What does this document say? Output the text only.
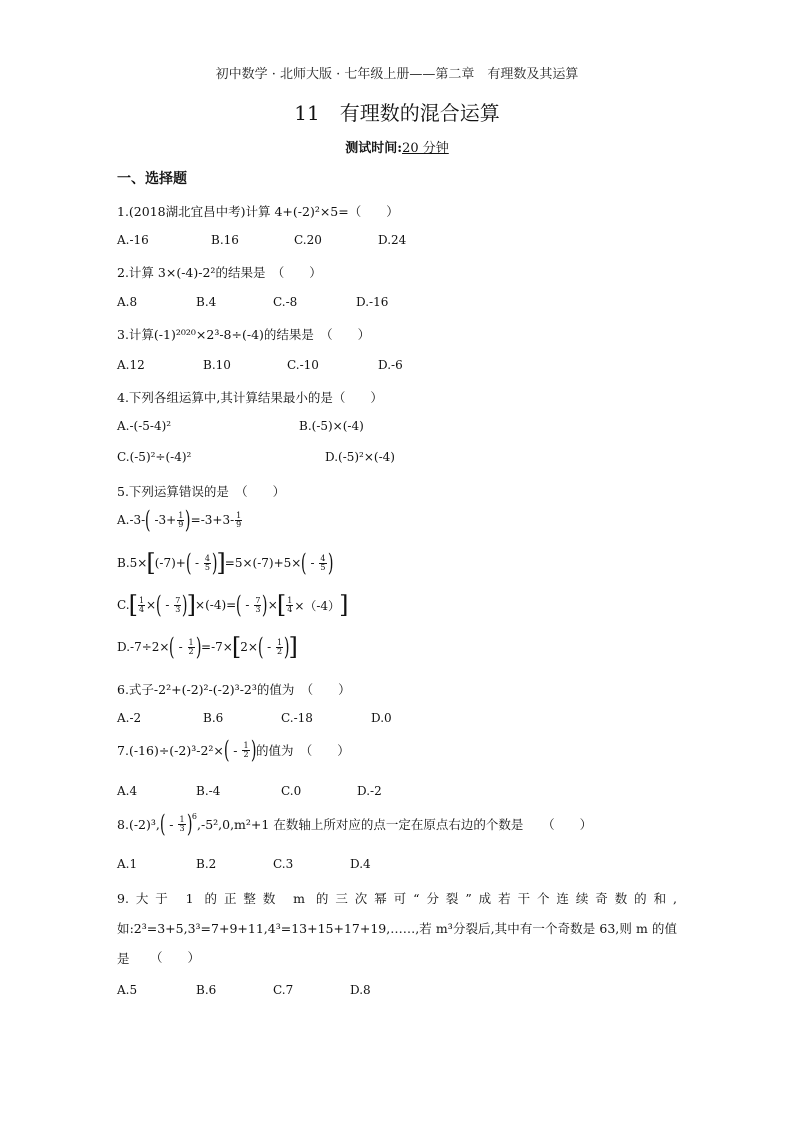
初中数学 · 北师大版 · 七年级上册——第二章　有理数及其运算
11　有理数的混合运算
测试时间:20 分钟
一、选择题
1.(2018湖北宜昌中考)计算 4+(-2)²×5=（　　）
A.-16	B.16	C.20	D.24
2.计算 3×(-4)-2²的结果是　（　　）
A.8	B.4	C.-8	D.-16
3.计算(-1)²⁰²⁰×2³-8÷(-4)的结果是　（　　）
A.12	B.10	C.-10	D.-6
4.下列各组运算中,其计算结果最小的是（　　）
A.-(-5-4)²	B.(-5)×(-4)
C.(-5)²÷(-4)²	D.(-5)²×(-4)
5.下列运算错误的是　（　　）
A. -3- (
$-3+ \frac{1}{9}$ ) $=-3+3- \frac{1}{9}$
B. 5× [ (-7)+ (
-
$\frac{4}{5}$ )
] =5×(-7)+5× (
-
$\frac{4}{5}$ )
C. [ $\frac{1}{4}$ × (
-
$\frac{7}{3}$ )
] ×(-4)= (
-
$\frac{7}{3}$ ) × [ $\frac{1}{4} \times(-4)$ ]
D. -7÷2× (
-
$\frac{1}{2}$ ) =-7× [ 2× (
-
$\frac{1}{2}$ )
]
6.式子-2²+(-2)²-(-2)³-2³的值为　（　　）
A.-2	B.6	C.-18	D.0
7. (-16)÷(-2)³-2²× (
-
$\frac{1}{2}$ ) 的值为　（　　）
A.4	B.-4	C.0	D.-2
8. (-2)³, (
-
$\frac{1}{3} )^6$
,-5²,0,m²+1 在数轴上所对应的点一定在原点右边的个数是　　（　　）
A.1	B.2	C.3	D.4
9.大于 1 的正整数 m 的三次幂可“分裂”成若干个连续奇数的和,如:2³=3+5,3³=7+9+11,4³=13+15+17+19,……,若 m³分裂后,其中有一个奇数是 63,则 m 的值是	（　　）
A.5	B.6	C.7	D.8
